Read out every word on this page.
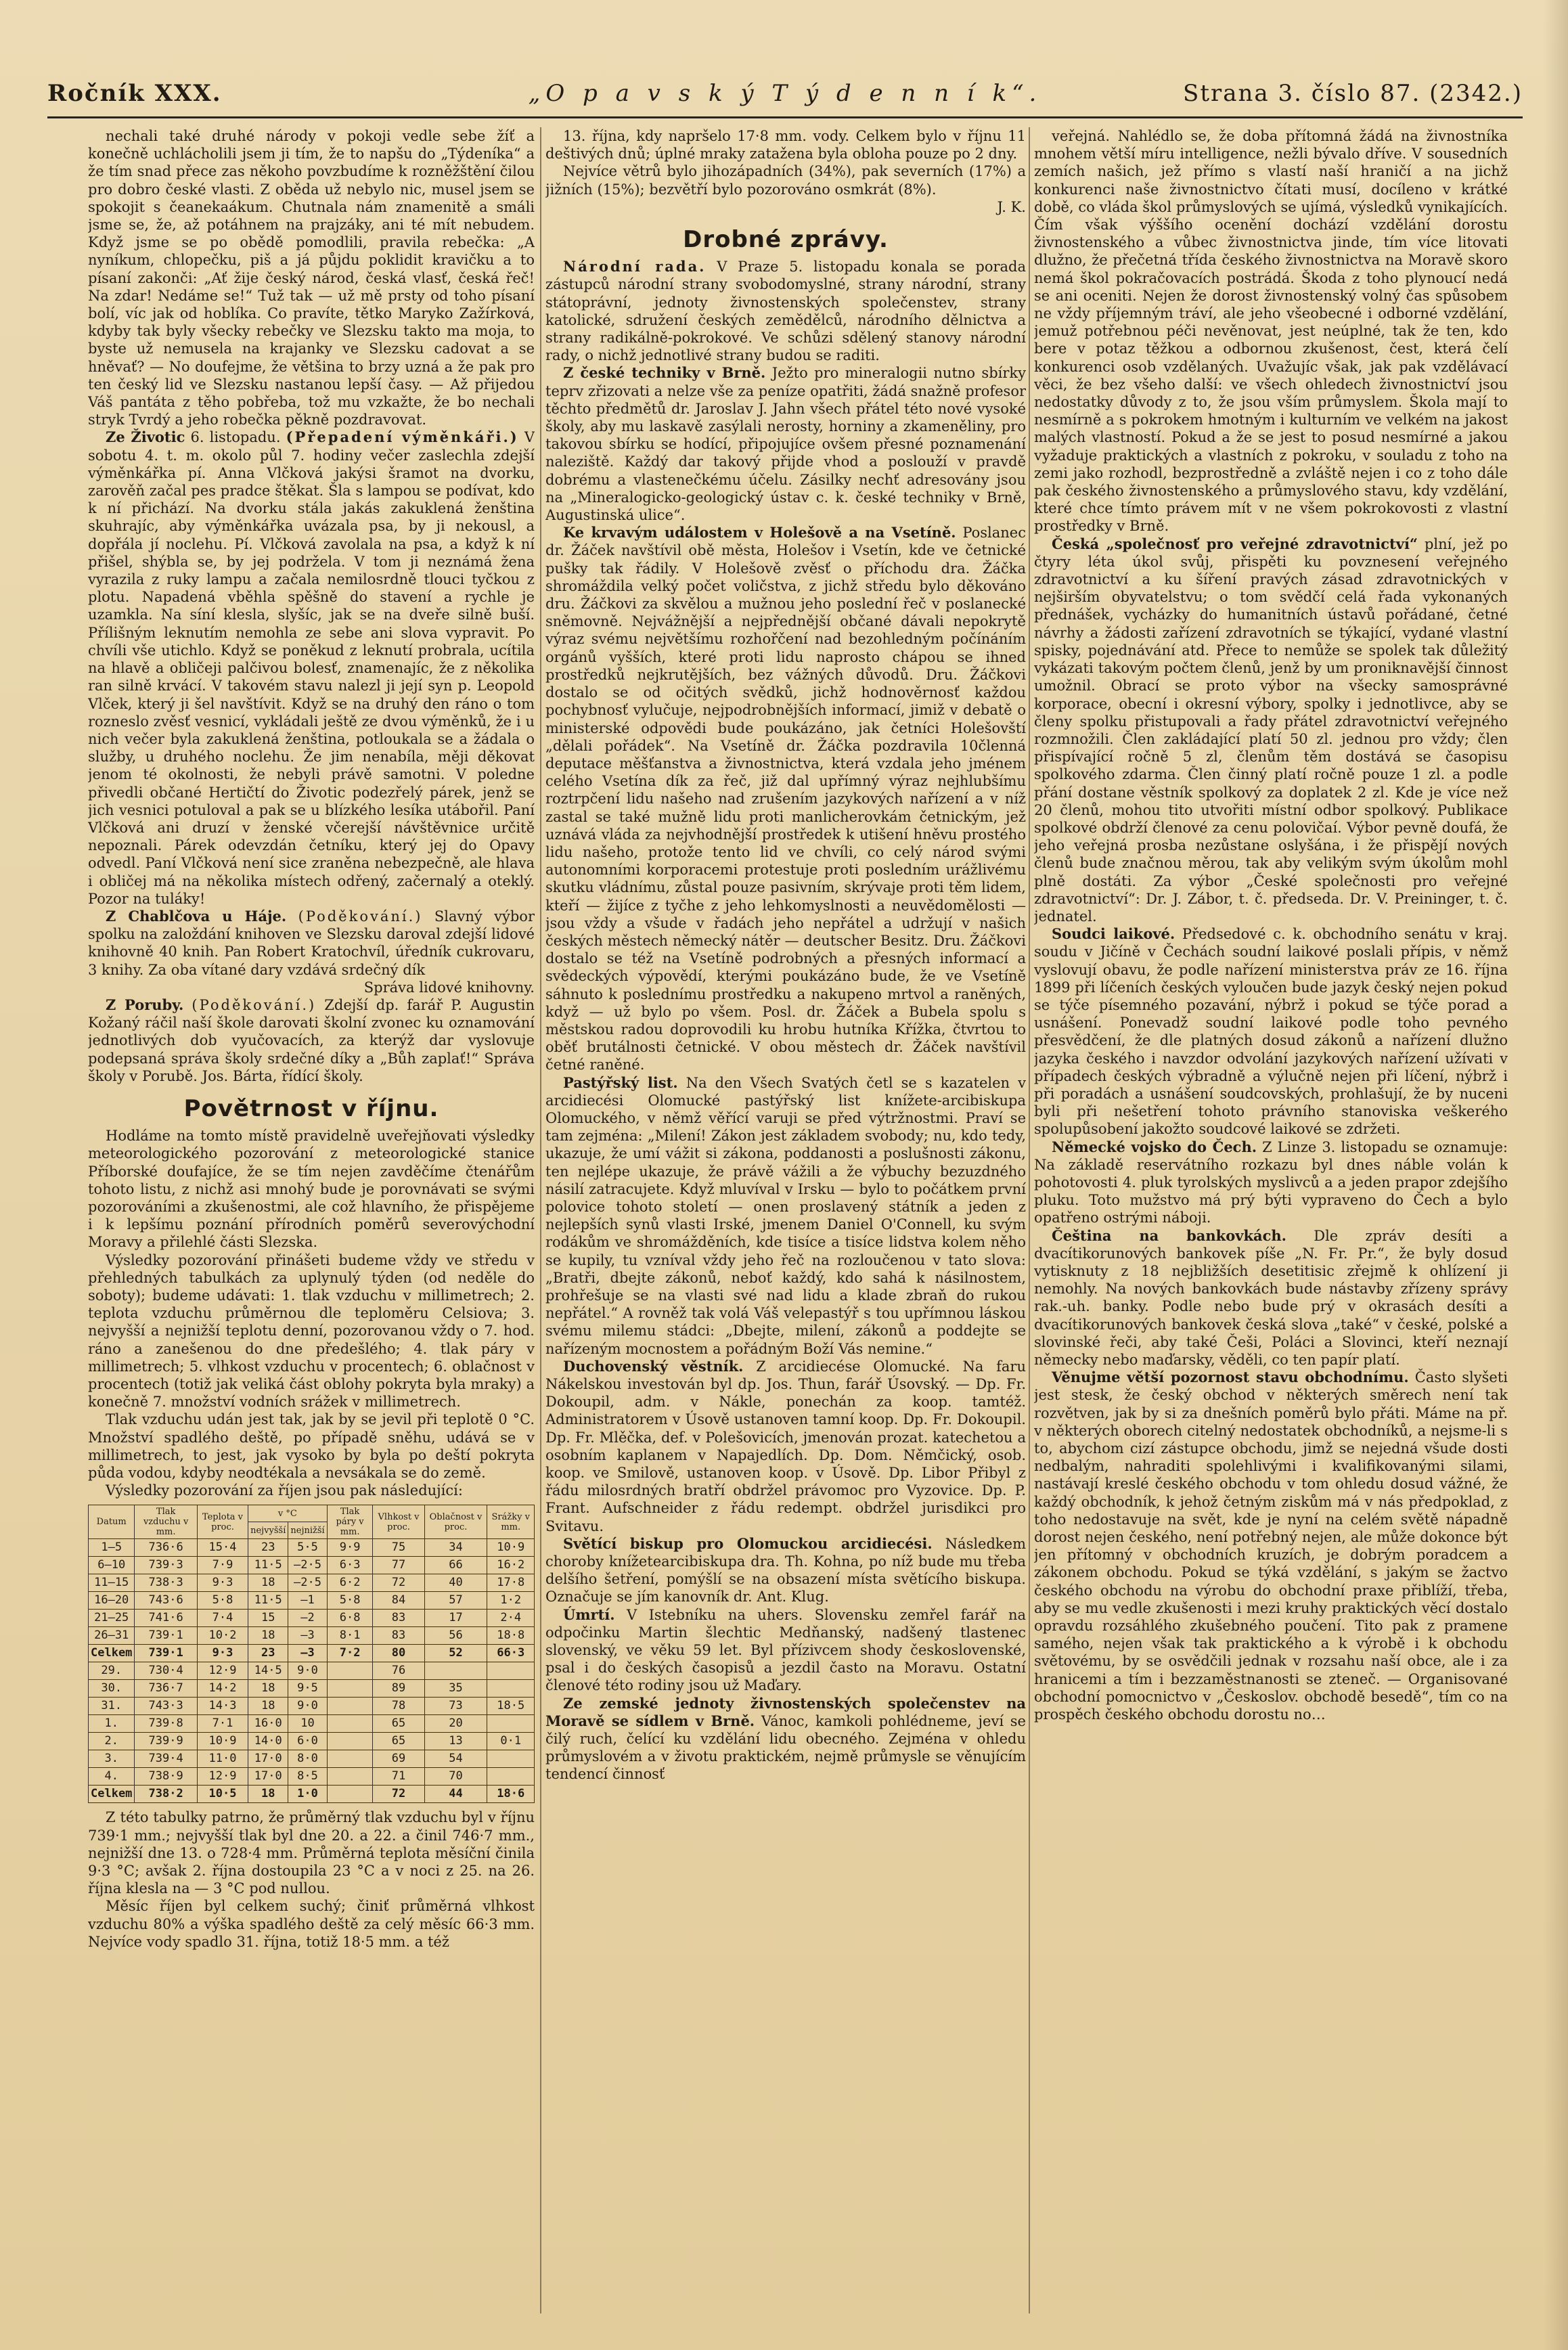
Ročník XXX.	„O p a v s k ý T ý d e n n í k“.	Strana 3. číslo 87. (2342.)

nechali také druhé národy v pokoji vedle sebe žíť a konečně uchlácholili jsem ji tím, že to napšu do „Týdeníka“ a že tím snad přece zas někoho povzbudíme k rozněžštění čilou pro dobro české vlasti. Z oběda už nebylo nic, musel jsem se spokojit s čeanekaákum. Chutnala nám znamenitě a smáli jsme se, že, až potáhnem na prajzáky, ani té mít nebudem. Když jsme se po obědě pomodlili, pravila rebečka: „A nyníkum, chlopečku, piš a já půjdu poklidit kravičku a to písaní zakonči: „Ať žije český národ, česká vlasť, česká řeč! Na zdar! Nedáme se!“ Tuž tak — už mě prsty od toho písaní bolí, víc jak od hoblíka. Co pravíte, tětko Maryko Zažírková, kdyby tak byly všecky rebečky ve Slezsku takto ma moja, to byste už nemusela na krajanky ve Slezsku cadovat a se hněvať? — No doufejme, že většina to brzy uzná a že pak pro ten český lid ve Slezsku nastanou lepší časy. — Až přijedou Váš pantáta z těho pobřeba, tož mu vzkažte, že bo nechali stryk Tvrdý a jeho robečka pěkně pozdravovat.

Ze Životic 6. listopadu. (Přepadení výměnkáři.) V sobotu 4. t. m. okolo půl 7. hodiny večer zaslechla zdejší výměnkářka pí. Anna Vlčková jakýsi šramot na dvorku, zarověň začal pes pradce štěkat. Šla s lampou se podívat, kdo k ní přichází. Na dvorku stála jakás zakuklená ženština skuhrajíc, aby výměnkářka uvázala psa, by ji nekousl, a dopřála jí noclehu. Pí. Vlčková zavolala na psa, a když k ní přišel, shýbla se, by jej podržela. V tom ji neznámá žena vyrazila z ruky lampu a začala nemilosrdně tlouci tyčkou z plotu. Napadená vběhla spěšně do stavení a rychle je uzamkla. Na síní klesla, slyšíc, jak se na dveře silně buší. Přílišným leknutím nemohla ze sebe ani slova vypravit. Po chvíli vše utichlo. Když se poněkud z leknutí probrala, ucítila na hlavě a obličeji palčivou bolesť, znamenajíc, že z několika ran silně krvácí. V takovém stavu nalezl ji její syn p. Leopold Vlček, který ji šel navštívit. Když se na druhý den ráno o tom rozneslo zvěsť vesnicí, vykládali ještě ze dvou výměnků, že i u nich večer byla zakuklená ženština, potloukala se a žádala o služby, u druhého noclehu. Že jim nenabíla, měji děkovat jenom té okolnosti, že nebyli právě samotni. V poledne přivedli občané Hertičtí do Životic podezřelý párek, jenž se jich vesnici potuloval a pak se u blízkého lesíka utábořil. Paní Vlčková ani druzí v ženské včerejší návštěvnice určitě nepoznali. Párek odevzdán četníku, který jej do Opavy odvedl. Paní Vlčková není sice zraněna nebezpečně, ale hlava i obličej má na několika místech odřený, začernalý a oteklý. Pozor na tuláky!

Z Chablčova u Háje. (Poděkování.) Slavný výbor spolku na založdání knihoven ve Slezsku daroval zdejší lidové knihovně 40 knih. Pan Robert Kratochvíl, úředník cukrovaru, 3 knihy. Za oba vítané dary vzdává srdečný dík

Správa lidové knihovny.

Z Poruby. (Poděkování.) Zdejší dp. farář P. Augustin Kožaný ráčil naší škole darovati školní zvonec ku oznamování jednotlivých dob vyučovacích, za kterýž dar vyslovuje podepsaná správa školy srdečné díky a „Bůh zaplať!“ Správa školy v Porubě. Jos. Bárta, řídící školy.

Povětrnost v říjnu.

Hodláme na tomto místě pravidelně uveřejňovati výsledky meteorologického pozorování z meteorologické stanice Příborské doufajíce, že se tím nejen zavděčíme čtenářům tohoto listu, z nichž asi mnohý bude je porovnávati se svými pozorováními a zkušenostmi, ale což hlavního, že přispějeme i k lepšímu poznání přírodních poměrů severovýchodní Moravy a přilehlé části Slezska.

Výsledky pozorování přinášeti budeme vždy ve středu v přehledných tabulkách za uplynulý týden (od neděle do soboty); budeme udávati: 1. tlak vzduchu v millimetrech; 2. teplota vzduchu průměrnou dle teploměru Celsiova; 3. nejvyšší a nejnižší teplotu denní, pozorovanou vždy o 7. hod. ráno a zanešenou do dne předešlého; 4. tlak páry v millimetrech; 5. vlhkost vzduchu v procentech; 6. oblačnost v procentech (totiž jak veliká část oblohy pokryta byla mraky) a konečně 7. množství vodních srážek v millimetrech.

Tlak vzduchu udán jest tak, jak by se jevil při teplotě 0 °C. Množství spadlého deště, po případě sněhu, udává se v millimetrech, to jest, jak vysoko by byla po deští pokryta půda vodou, kdyby neodtékala a nevsákala se do země.

Výsledky pozorování za říjen jsou pak následující:

Datum	Tlak vzduchu v mm.	Teplota v proc.	v °C		Tlak páry v mm.	Vlhkost v proc.	Oblačnost v proc.	Srážky v mm.
			nejvyšší	nejnižší				
1—5	736·6	15·4	23	5·5	9·9	75	34	10·9
6—10	739·3	7·9	11·5	—2·5	6·3	77	66	16·2
11—15	738·3	9·3	18	—2·5	6·2	72	40	17·8
16—20	743·6	5·8	11·5	—1	5·8	84	57	1·2
21—25	741·6	7·4	15	—2	6·8	83	17	2·4
26—31	739·1	10·2	18	—3	8·1	83	56	18·8
Celkem	739·1	9·3	23	—3	7·2	80	52	66·3
29.	730·4	12·9	14·5	9·0		76		
30.	736·7	14·2	18	9·5		89	35	
31.	743·3	14·3	18	9·0		78	73	18·5
1.	739·8	7·1	16·0	10		65	20	
2.	739·9	10·9	14·0	6·0		65	13	0·1
3.	739·4	11·0	17·0	8·0		69	54	
4.	738·9	12·9	17·0	8·5		71	70	
Celkem	738·2	10·5	18	1·0		72	44	18·6

Z této tabulky patrno, že průměrný tlak vzduchu byl v říjnu 739·1 mm.; nejvyšší tlak byl dne 20. a 22. a činil 746·7 mm., nejnižší dne 13. o 728·4 mm. Průměrná teplota měsíční činila 9·3 °C; avšak 2. října dostoupila 23 °C a v noci z 25. na 26. října klesla na — 3 °C pod nullou.

Měsíc říjen byl celkem suchý; činiť průměrná vlhkost vzduchu 80% a výška spadlého deště za celý měsíc 66·3 mm. Nejvíce vody spadlo 31. října, totiž 18·5 mm. a též

13. října, kdy napršelo 17·8 mm. vody. Celkem bylo v říjnu 11 deštivých dnů; úplné mraky zatažena byla obloha pouze po 2 dny.

Nejvíce větrů bylo jihozápadních (34%), pak severních (17%) a jižních (15%); bezvětří bylo pozorováno osmkrát (8%).

J. K.

Drobné zprávy.

Národní rada. V Praze 5. listopadu konala se porada zástupců národní strany svobodomyslné, strany národní, strany státoprávní, jednoty živnostenských společenstev, strany katolické, sdružení českých zemědělců, národního dělnictva a strany radikálně-pokrokové. Ve schůzi sdělený stanovy národní rady, o nichž jednotlivé strany budou se raditi.

Z české techniky v Brně. Ježto pro mineralogii nutno sbírky teprv zřizovati a nelze vše za peníze opatřiti, žádá snažně profesor těchto předmětů dr. Jaroslav J. Jahn všech přátel této nové vysoké školy, aby mu laskavě zasýlali nerosty, horniny a zkameněliny, pro takovou sbírku se hodící, připojujíce ovšem přesné poznamenání naleziště. Každý dar takový přijde vhod a poslouží v pravdě dobrému a vlastenečkému účelu. Zásilky nechť adresovány jsou na „Mineralogicko-geologický ústav c. k. české techniky v Brně, Augustinská ulice“.

Ke krvavým událostem v Holešově a na Vsetíně. Poslanec dr. Žáček navštívil obě města, Holešov i Vsetín, kde ve četnické pušky tak řádily. V Holešově zvěsť o příchodu dra. Žáčka shromáždila velký počet voličstva, z jichž středu bylo děkováno dru. Žáčkovi za skvělou a mužnou jeho poslední řeč v poslanecké sněmovně. Nejvážnější a nejpřednější občané dávali nepokrytě výraz svému největšímu rozhořčení nad bezohledným počínáním orgánů vyšších, které proti lidu naprosto chápou se ihned prostředků nejkrutějších, bez vážných důvodů. Dru. Žáčkovi dostalo se od očitých svědků, jichž hodnověrnosť každou pochybnosť vylučuje, nejpodrobnějších informací, jimiž v debatě o ministerské odpovědi bude poukázáno, jak četníci Holešovští „dělali pořádek“. Na Vsetíně dr. Žáčka pozdravila 10členná deputace měšťanstva a živnostnictva, která vzdala jeho jménem celého Vsetína dík za řeč, již dal upřímný výraz nejhlubšímu roztrpčení lidu našeho nad zrušením jazykových nařízení a v níž zastal se také mužně lidu proti manlicherovkám četnickým, jež uznává vláda za nejvhodnější prostředek k utišení hněvu prostého lidu našeho, protože tento lid ve chvíli, co celý národ svými autonomními korporacemi protestuje proti posledním urážlivému skutku vládnímu, zůstal pouze pasivním, skrývaje proti těm lidem, kteří — žijíce z tyčhe z jeho lehkomyslnosti a neuvědomělosti — jsou vždy a všude v řadách jeho nepřátel a udržují v našich českých městech německý nátěr — deutscher Besitz. Dru. Žáčkovi dostalo se též na Vsetíně podrobných a přesných informací a svědeckých výpovědí, kterými poukázáno bude, že ve Vsetíně sáhnuto k poslednímu prostředku a nakupeno mrtvol a raněných, když — už bylo po všem. Posl. dr. Žáček a Bubela spolu s městskou radou doprovodili ku hrobu hutníka Křížka, čtvrtou to oběť brutálnosti četnické. V obou městech dr. Žáček navštívil četné raněné.

Pastýřský list. Na den Všech Svatých četl se s kazatelen v arcidiecési Olomucké pastýřský list knížete-arcibiskupa Olomuckého, v němž věřící varuji se před výtržnostmi. Praví se tam zejména: „Milení! Zákon jest základem svobody; nu, kdo tedy, ukazuje, že umí vážit si zákona, poddanosti a poslušnosti zákonu, ten nejlépe ukazuje, že právě vážili a že výbuchy bezuzdného násilí zatracujete. Když mluvíval v Irsku — bylo to počátkem první polovice tohoto století — onen proslavený státník a jeden z nejlepších synů vlasti Irské, jmenem Daniel O'Connell, ku svým rodákům ve shromážděních, kde tisíce a tisíce lidstva kolem něho se kupily, tu vzníval vždy jeho řeč na rozloučenou v tato slova: „Bratři, dbejte zákonů, neboť každý, kdo sahá k násilnostem, prohřešuje se na vlasti své nad lidu a klade zbraň do rukou nepřátel.“ A rovněž tak volá Váš velepastýř s tou upřímnou láskou svému milemu stádci: „Dbejte, milení, zákonů a poddejte se nařízeným mocnostem a pořádným Boží Vás nemine.“

Duchovenský věstník. Z arcidiecése Olomucké. Na faru Nákelskou investován byl dp. Jos. Thun, farář Úsovský. — Dp. Fr. Dokoupil, adm. v Nákle, ponechán za koop. tamtéž. Administratorem v Úsově ustanoven tamní koop. Dp. Fr. Dokoupil. Dp. Fr. Mlěčka, def. v Polešovicích, jmenován prozat. katechetou a osobním kaplanem v Napajedlích. Dp. Dom. Němčický, osob. koop. ve Smilově, ustanoven koop. v Úsově. Dp. Libor Přibyl z řádu milosrdných bratří obdržel právomoc pro Vyzovice. Dp. P. Frant. Aufschneider z řádu redempt. obdržel jurisdikci pro Svitavu.

Světící biskup pro Olomuckou arcidiecési. Následkem choroby knížetearcibiskupa dra. Th. Kohna, po níž bude mu třeba delšího šetření, pomýšlí se na obsazení místa světícího biskupa. Označuje se jím kanovník dr. Ant. Klug.

Úmrtí. V Istebníku na uhers. Slovensku zemřel farář na odpočinku Martin šlechtic Medňanský, nadšený tlastenec slovenský, ve věku 59 let. Byl přízivcem shody československé, psal i do českých časopisů a jezdil často na Moravu. Ostatní členové této rodiny jsou už Maďary.

Ze zemské jednoty živnostenských společenstev na Moravě se sídlem v Brně. Vánoc, kamkoli pohlédneme, jeví se čilý ruch, čelící ku vzdělání lidu obecného. Zejména v ohledu průmyslovém a v životu praktickém, nejmě průmysle se věnujícím tendencí činnosť

veřejná. Nahlédlo se, že doba přítomná žádá na živnostníka mnohem větší míru intelligence, nežli bývalo dříve. V sousedních zemích našich, jež přímo s vlastí naší hraničí a na jichž konkurenci naše živnostnictvo čítati musí, docíleno v krátké době, co vláda škol průmyslových se ujímá, výsledků vynikajících. Čím však výššího ocenění dochází vzdělání dorostu živnostenského a vůbec živnostnictva jinde, tím více litovati dlužno, že přečetná třída českého živnostnictva na Moravě skoro nemá škol pokračovacích postrádá. Škoda z toho plynoucí nedá se ani oceniti. Nejen že dorost živnostenský volný čas spůsobem ne vždy příjemným tráví, ale jeho všeobecné i odborné vzdělání, jemuž potřebnou péči nevěnovat, jest neúplné, tak že ten, kdo bere v potaz těžkou a odbornou zkušenost, čest, která čelí konkurenci osob vzdělaných. Uvažujíc však, jak pak vzdělávací věci, že bez všeho další: ve všech ohledech živnostnictví jsou nedostatky důvody z to, že jsou vším průmyslem. Škola mají to nesmírně a s pokrokem hmotným i kulturním ve velkém na jakost malých vlastností. Pokud a že se jest to posud nesmírné a jakou vyžaduje praktických a vlastních z pokroku, v souladu z toho na zemi jako rozhodl, bezprostředně a zvláště nejen i co z toho dále pak českého živnostenského a průmyslového stavu, kdy vzdělání, které chce tímto právem mít v ne všem pokrokovosti z vlastní prostředky v Brně.

Česká „společnosť pro veřejné zdravotnictví“ plní, jež po čtyry léta úkol svůj, přispěti ku povznesení veřejného zdravotnictví a ku šíření pravých zásad zdravotnických v nejširším obyvatelstvu; o tom svědčí celá řada vykonaných přednášek, vycházky do humanitních ústavů pořádané, četné návrhy a žádosti zařízení zdravotních se týkající, vydané vlastní spisky, pojednávání atd. Přece to nemůže se spolek tak důležitý vykázati takovým počtem členů, jenž by um proniknavější činnost umožnil. Obrací se proto výbor na všecky samosprávné korporace, obecní i okresní výbory, spolky i jednotlivce, aby se členy spolku přistupovali a řady přátel zdravotnictví veřejného rozmnožili. Člen zakládající platí 50 zl. jednou pro vždy; člen přispívající ročně 5 zl, členům těm dostává se časopisu spolkového zdarma. Člen činný platí ročně pouze 1 zl. a podle přání dostane věstník spolkový za doplatek 2 zl. Kde je více než 20 členů, mohou tito utvořiti místní odbor spolkový. Publikace spolkové obdrží členové za cenu polovičaí. Výbor pevně doufá, že jeho veřejná prosba nezůstane oslyšána, i že přispějí nových členů bude značnou měrou, tak aby velikým svým úkolům mohl plně dostáti. Za výbor „České společnosti pro veřejné zdravotnictví“: Dr. J. Zábor, t. č. předseda. Dr. V. Preininger, t. č. jednatel.

Soudci laikové. Předsedové c. k. obchodního senátu v kraj. soudu v Jičíně v Čechách soudní laikové poslali přípis, v němž vyslovují obavu, že podle nařízení ministerstva práv ze 16. října 1899 při líčeních českých vyloučen bude jazyk český nejen pokud se týče písemného pozavání, nýbrž i pokud se týče porad a usnášení. Ponevadž soudní laikové podle toho pevného přesvědčení, že dle platných dosud zákonů a nařízení dlužno jazyka českého i navzdor odvolání jazykových nařízení užívati v případech českých výbradně a výlučně nejen při líčení, nýbrž i při poradách a usnášení soudcovských, prohlašují, že by nuceni byli při nešetření tohoto právního stanoviska veškerého spolupůsobení jakožto soudcové laikové se zdržeti.

Německé vojsko do Čech. Z Linze 3. listopadu se oznamuje: Na základě reservátního rozkazu byl dnes náble volán k pohotovosti 4. pluk tyrolských myslivců a a jeden prapor zdejšího pluku. Toto mužstvo má prý býti vypraveno do Čech a bylo opatřeno ostrými náboji.

Čeština na bankovkách. Dle zpráv desíti a dvacítikorunových bankovek píše „N. Fr. Pr.“, že byly dosud vytisknuty z 18 nejbližších desetitisic zřejmě k ohlízení ji nemohly. Na nových bankovkách bude nástavby zřízeny správy rak.-uh. banky. Podle nebo bude prý v okrasách desíti a dvacítikorunových bankovek česká slova „také“ v české, polské a slovinské řeči, aby také Češi, Poláci a Slovinci, kteří neznají německy nebo maďarsky, věděli, co ten papír platí.

Věnujme větší pozornost stavu obchodnímu. Často slyšeti jest stesk, že český obchod v některých směrech není tak rozvětven, jak by si za dnešních poměrů bylo přáti. Máme na př. v některých oborech citelný nedostatek obchodníků, a nejsme-li s to, abychom cizí zástupce obchodu, jimž se nejedná všude dosti nedbalým, nahraditi spolehlivými i kvalifikovanými silami, nastávají kreslé českého obchodu v tom ohledu dosud vážné, že každý obchodník, k jehož četným ziskům má v nás předpoklad, z toho nedostavuje na svět, kde je nyní na celém světě nápadně dorost nejen českého, není potřebný nejen, ale může dokonce být jen přítomný v obchodních kruzích, je dobrým poradcem a zákonem obchodu. Pokud se týká vzdělání, s jakým se žactvo českého obchodu na výrobu do obchodní praxe přiblíží, třeba, aby se mu vedle zkušenosti i mezi kruhy praktických věcí dostalo opravdu rozsáhlého zkušebného poučení. Tito pak z pramene samého, nejen však tak praktického a k výrobě i k obchodu světovému, by se osvědčili jednak v rozsahu naší obce, ale i za hranicemi a tím i bezzaměstnanosti se zteneč. — Organisované obchodní pomocnictvo v „Českoslov. obchodě besedě“, tím co na prospěch českého obchodu dorostu no…
